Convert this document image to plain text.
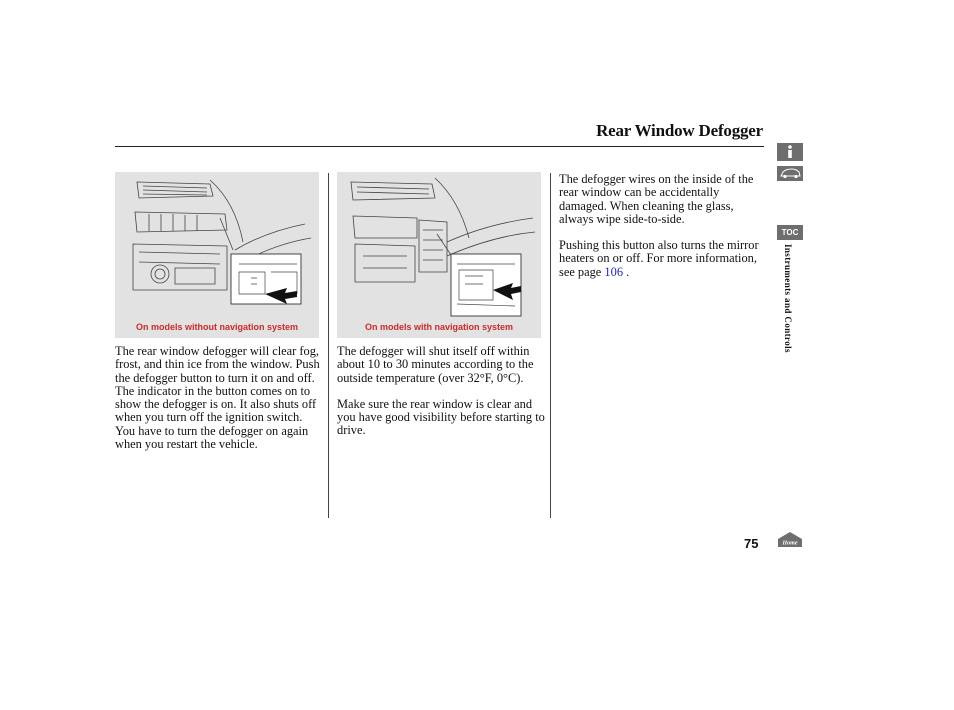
Rear Window Defogger
On models without navigation system	On models with navigation system

The rear window defogger will clear fog, frost, and thin ice from the window. Push the defogger button to turn it on and off. The indicator in the button comes on to show the defogger is on. It also shuts off when you turn off the ignition switch. You have to turn the defogger on again when you restart the vehicle.

The defogger will shut itself off within about 10 to 30 minutes according to the outside temperature (over 32°F, 0°C).

Make sure the rear window is clear and you have good visibility before starting to drive.

The defogger wires on the inside of the rear window can be accidentally damaged. When cleaning the glass, always wipe side-to-side.

Pushing this button also turns the mirror heaters on or off. For more information, see page 106 .

TOC
Instruments and Controls
75	Home
